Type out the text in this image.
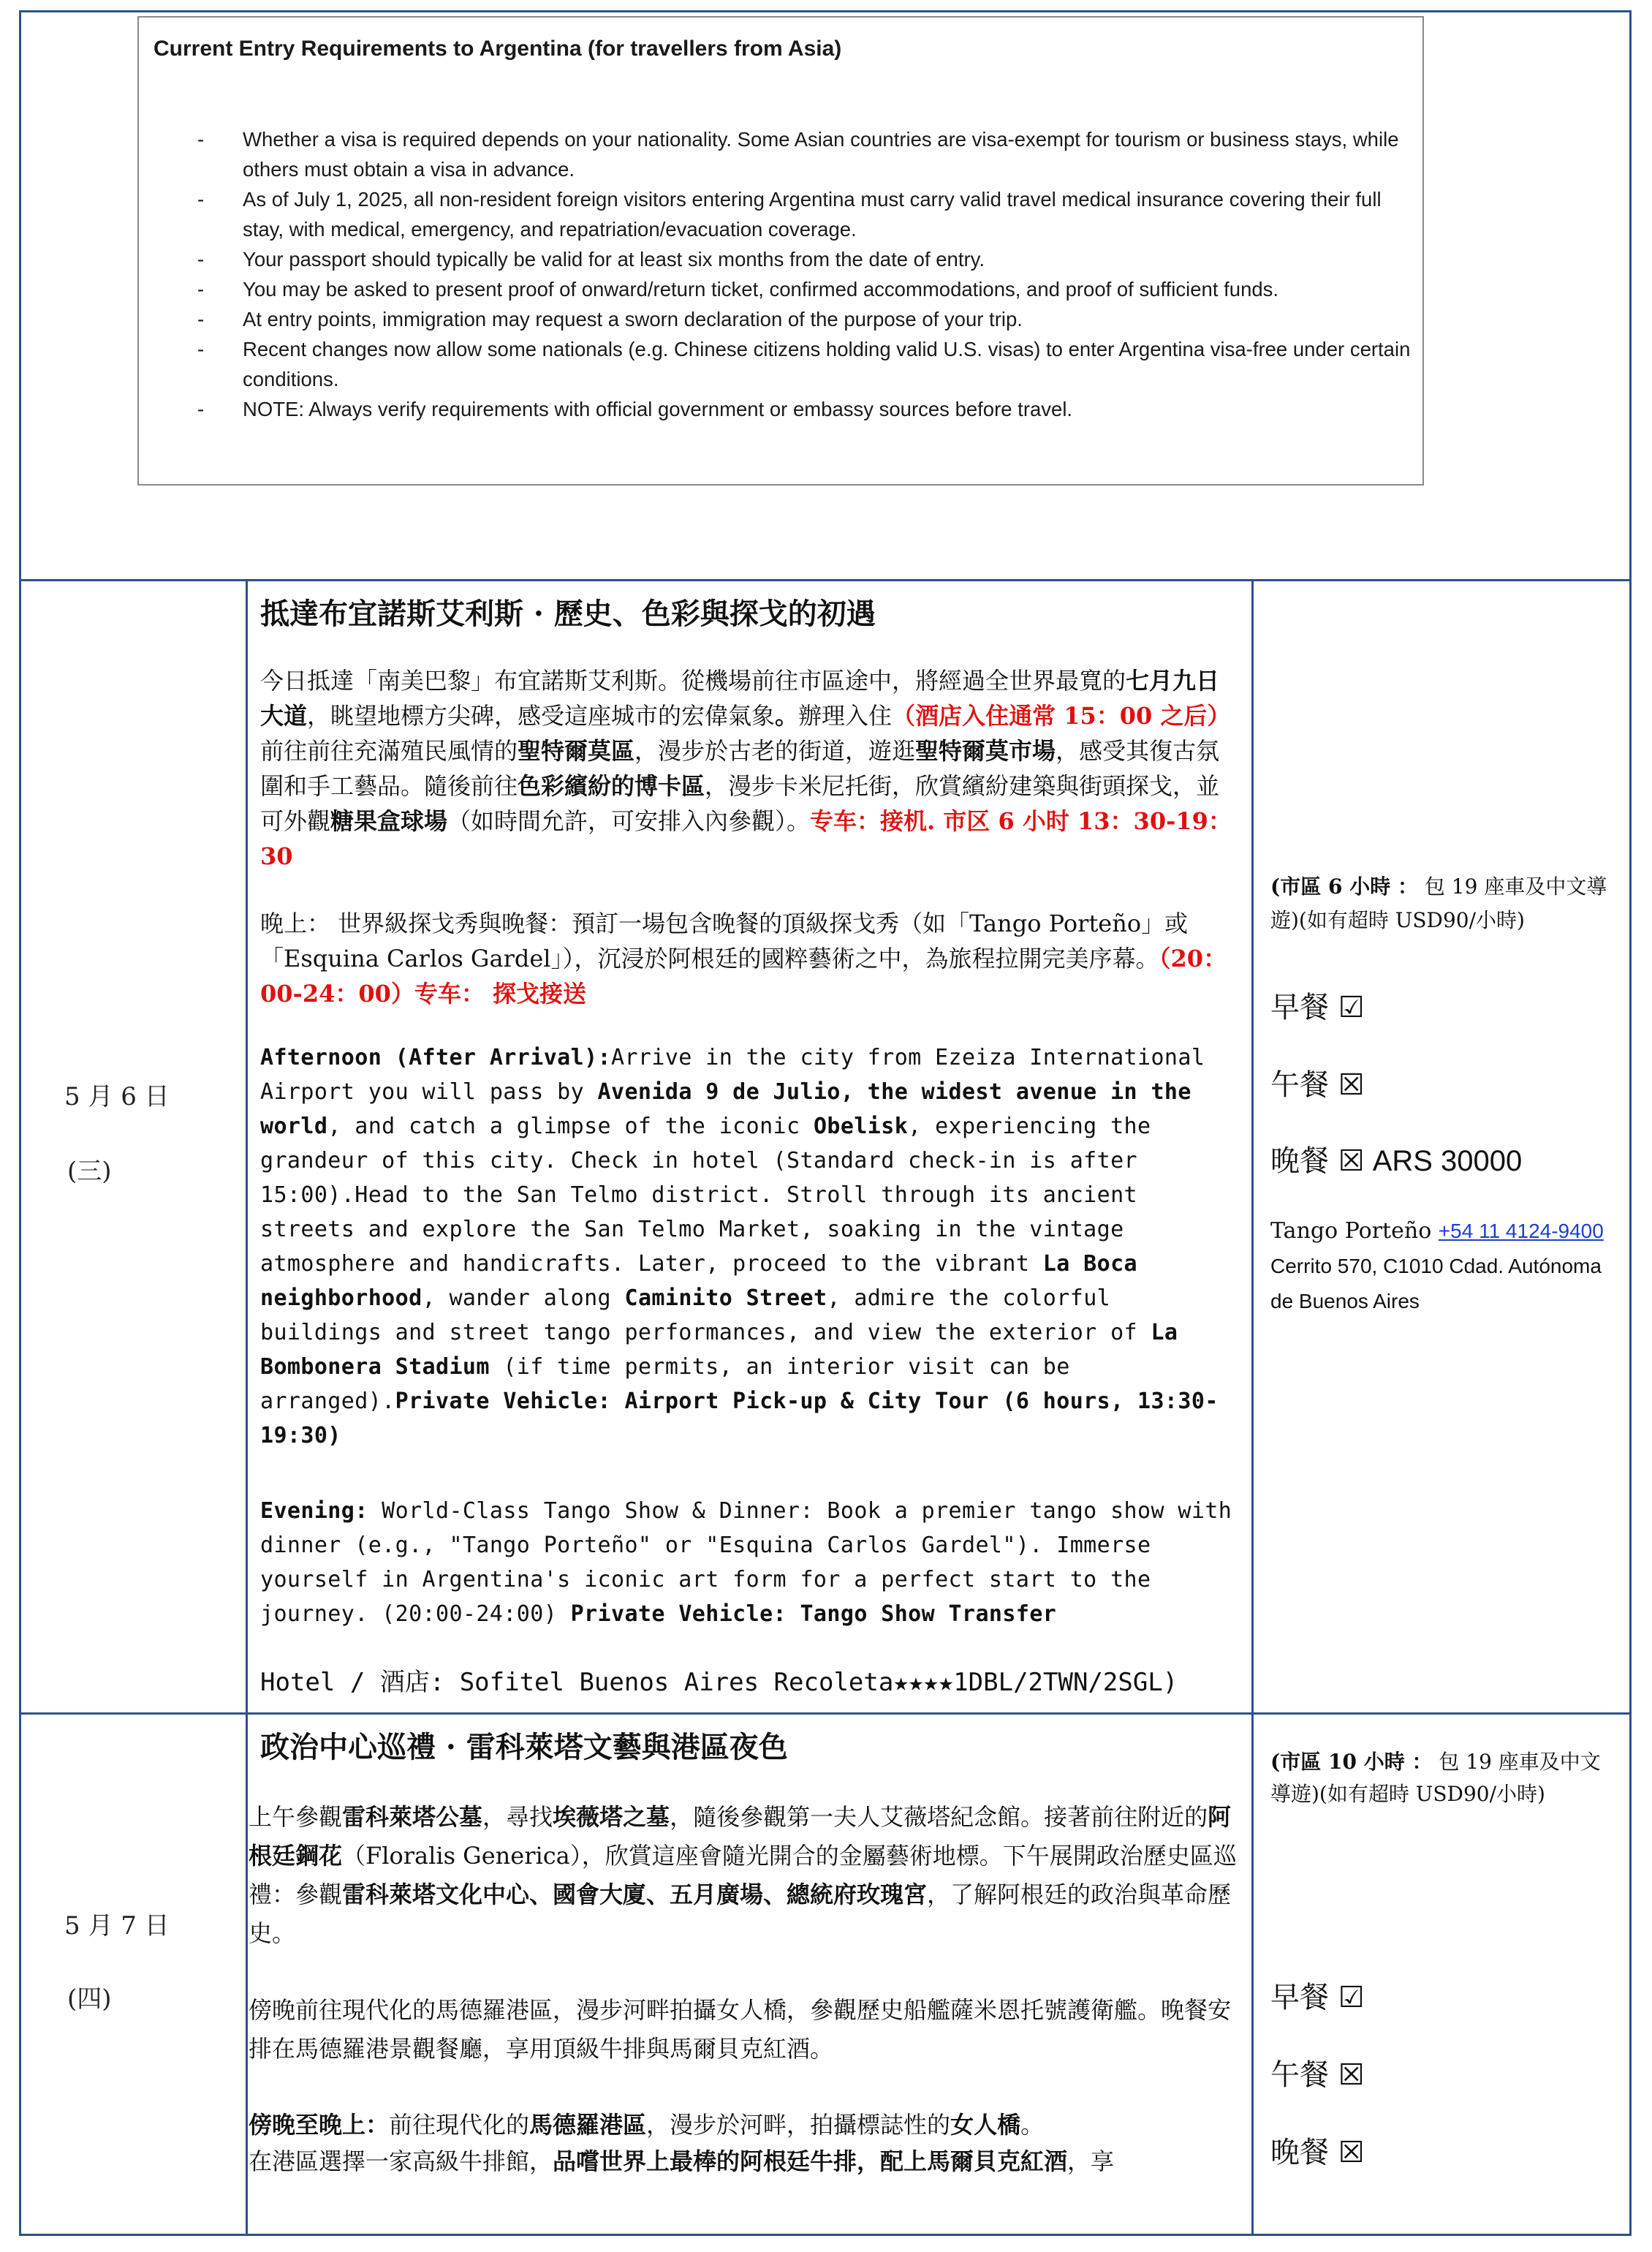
Current Entry Requirements to Argentina (for travellers from Asia)
- Whether a visa is required depends on your nationality. Some Asian countries are visa-exempt for tourism or business stays, while others must obtain a visa in advance.
- As of July 1, 2025, all non-resident foreign visitors entering Argentina must carry valid travel medical insurance covering their full stay, with medical, emergency, and repatriation/evacuation coverage.
- Your passport should typically be valid for at least six months from the date of entry.
- You may be asked to present proof of onward/return ticket, confirmed accommodations, and proof of sufficient funds.
- At entry points, immigration may request a sworn declaration of the purpose of your trip.
- Recent changes now allow some nationals (e.g. Chinese citizens holding valid U.S. visas) to enter Argentina visa-free under certain conditions.
- NOTE: Always verify requirements with official government or embassy sources before travel.
5 月 6 日
(三)

抵達布宜諾斯艾利斯 · 歷史、色彩與探戈的初遇

今日抵達「南美巴黎」布宜諾斯艾利斯。從機場前往市區途中，將經過全世界最寬的七月九日大道，眺望地標方尖碑，感受這座城市的宏偉氣象。辦理入住（酒店入住通常 15：00 之后）前往前往充滿殖民風情的聖特爾莫區，漫步於古老的街道，遊逛聖特爾莫市場，感受其復古氛圍和手工藝品。隨後前往色彩繽紛的博卡區，漫步卡米尼托街，欣賞繽紛建築與街頭探戈，並可外觀糖果盒球場（如時間允許，可安排入內參觀）。专车：接机. 市区 6 小时 13：30-19：30

晚上： 世界級探戈秀與晚餐：預訂一場包含晚餐的頂級探戈秀（如「Tango Porteño」或「Esquina Carlos Gardel」），沉浸於阿根廷的國粹藝術之中，為旅程拉開完美序幕。（20：00-24：00）专车： 探戈接送

Afternoon (After Arrival):Arrive in the city from Ezeiza International Airport you will pass by Avenida 9 de Julio, the widest avenue in the world, and catch a glimpse of the iconic Obelisk, experiencing the grandeur of this city. Check in hotel (Standard check-in is after 15:00).Head to the San Telmo district. Stroll through its ancient streets and explore the San Telmo Market, soaking in the vintage atmosphere and handicrafts. Later, proceed to the vibrant La Boca neighborhood, wander along Caminito Street, admire the colorful buildings and street tango performances, and view the exterior of La Bombonera Stadium (if time permits, an interior visit can be arranged).Private Vehicle: Airport Pick-up & City Tour (6 hours, 13:30-19:30)

Evening: World-Class Tango Show & Dinner: Book a premier tango show with dinner (e.g., "Tango Porteño" or "Esquina Carlos Gardel"). Immerse yourself in Argentina's iconic art form for a perfect start to the journey. (20:00-24:00) Private Vehicle: Tango Show Transfer

Hotel / 酒店: Sofitel Buenos Aires Recoleta★★★★1DBL/2TWN/2SGL)

(市區 6 小時 ： 包 19 座車及中文導遊)(如有超時 USD90/小時)

早餐 ☑

午餐 ☒

晚餐 ☒ ARS 30000

Tango Porteño +54 11 4124-9400
Cerrito 570, C1010 Cdad. Autónoma de Buenos Aires

5 月 7 日
(四)

政治中心巡禮 · 雷科萊塔文藝與港區夜色

上午參觀雷科萊塔公墓，尋找埃薇塔之墓，隨後參觀第一夫人艾薇塔紀念館。接著前往附近的阿根廷鋼花（Floralis Generica），欣賞這座會隨光開合的金屬藝術地標。下午展開政治歷史區巡禮：參觀雷科萊塔文化中心、國會大廈、五月廣場、總統府玫瑰宮，了解阿根廷的政治與革命歷史。

傍晚前往現代化的馬德羅港區，漫步河畔拍攝女人橋，參觀歷史船艦薩米恩托號護衛艦。晚餐安排在馬德羅港景觀餐廳，享用頂級牛排與馬爾貝克紅酒。

傍晚至晚上：前往現代化的馬德羅港區，漫步於河畔，拍攝標誌性的女人橋。
在港區選擇一家高級牛排館，品嚐世界上最棒的阿根廷牛排，配上馬爾貝克紅酒，享

(市區 10 小時 ： 包 19 座車及中文導遊)(如有超時 USD90/小時)

早餐 ☑

午餐 ☒

晚餐 ☒
